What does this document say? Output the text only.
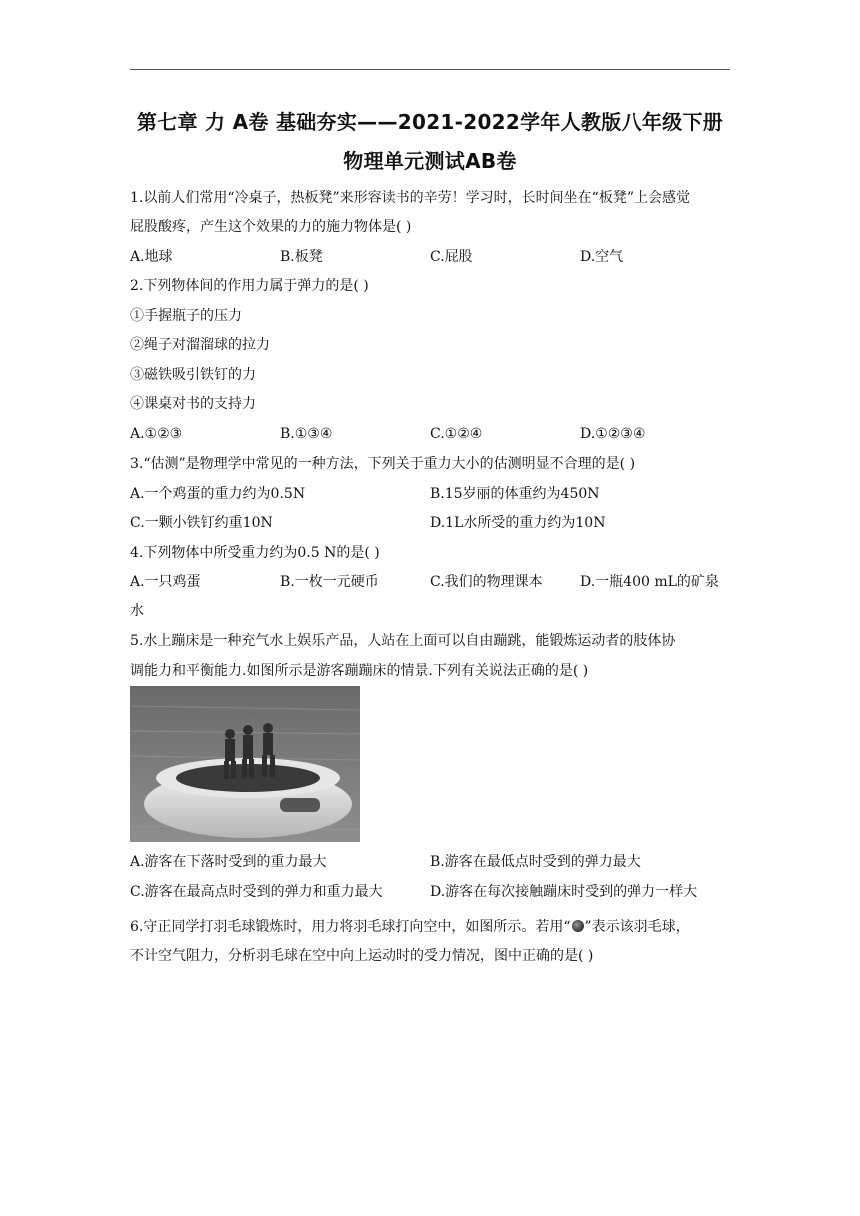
第七章 力 A卷 基础夯实——2021-2022学年人教版八年级下册
物理单元测试AB卷
1.以前人们常用“冷桌子，热板凳”来形容读书的辛劳！学习时，长时间坐在“板凳”上会感觉
屁股酸疼，产生这个效果的力的施力物体是( )
A.地球	B.板凳	C.屁股	D.空气
2.下列物体间的作用力属于弹力的是( )
①手握瓶子的压力
②绳子对溜溜球的拉力
③磁铁吸引铁钉的力
④课桌对书的支持力
A.①②③	B.①③④	C.①②④	D.①②③④
3.“估测”是物理学中常见的一种方法，下列关于重力大小的估测明显不合理的是( )
A.一个鸡蛋的重力约为0.5N	B.15岁丽的体重约为450N
C.一颗小铁钉约重10N	D.1L水所受的重力约为10N
4.下列物体中所受重力约为0.5 N的是( )
A.一只鸡蛋	B.一枚一元硬币	C.我们的物理课本	D.一瓶400 mL的矿泉
水
5.水上蹦床是一种充气水上娱乐产品，人站在上面可以自由蹦跳，能锻炼运动者的肢体协
调能力和平衡能力.如图所示是游客蹦蹦床的情景.下列有关说法正确的是( )
A.游客在下落时受到的重力最大	B.游客在最低点时受到的弹力最大
C.游客在最高点时受到的弹力和重力最大	D.游客在每次接触蹦床时受到的弹力一样大
6.守正同学打羽毛球锻炼时，用力将羽毛球打向空中，如图所示。若用“ ”表示该羽毛球，
不计空气阻力，分析羽毛球在空中向上运动时的受力情况，图中正确的是( )
